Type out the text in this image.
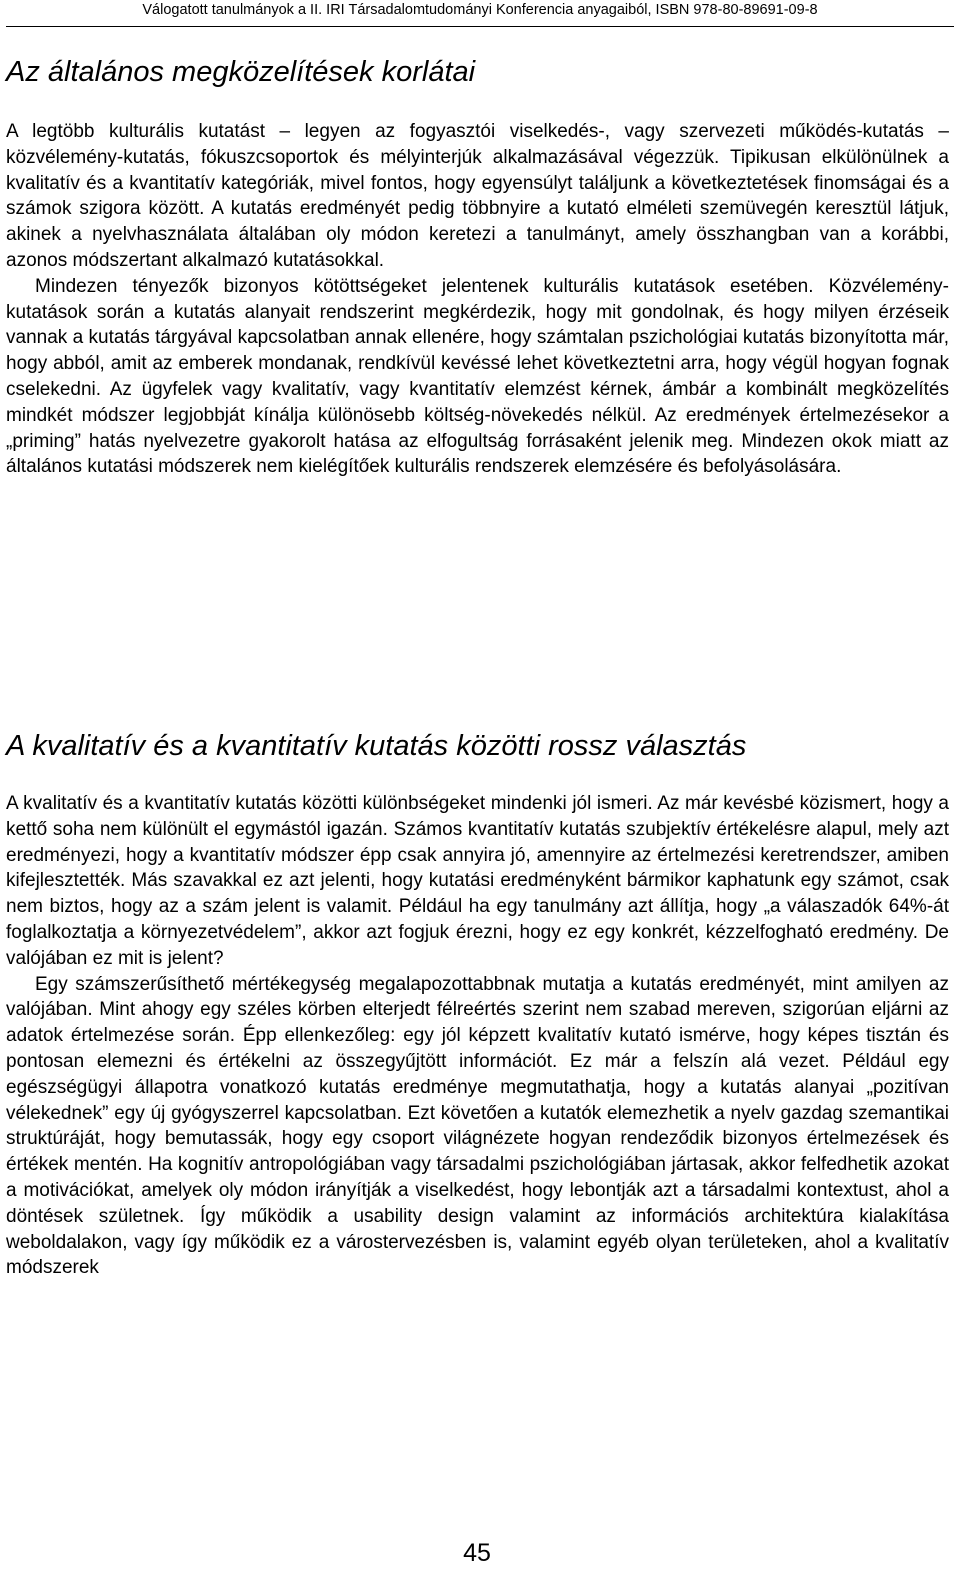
Válogatott tanulmányok a II. IRI Társadalomtudományi Konferencia anyagaiból, ISBN 978-80-89691-09-8
Az általános megközelítések korlátai

A legtöbb kulturális kutatást – legyen az fogyasztói viselkedés-, vagy szervezeti működés-kutatás – közvélemény-kutatás, fókuszcsoportok és mélyinterjúk alkalmazásával végezzük. Tipikusan elkülönülnek a kvalitatív és a kvantitatív kategóriák, mivel fontos, hogy egyensúlyt találjunk a következtetések finomságai és a számok szigora között. A kutatás eredményét pedig többnyire a kutató elméleti szemüvegén keresztül látjuk, akinek a nyelvhasználata általában oly módon keretezi a tanulmányt, amely összhangban van a korábbi, azonos módszertant alkalmazó kutatásokkal.

Mindezen tényezők bizonyos kötöttségeket jelentenek kulturális kutatások esetében. Közvélemény-kutatások során a kutatás alanyait rendszerint megkérdezik, hogy mit gondolnak, és hogy milyen érzéseik vannak a kutatás tárgyával kapcsolatban annak ellenére, hogy számtalan pszichológiai kutatás bizonyította már, hogy abból, amit az emberek mondanak, rendkívül kevéssé lehet következtetni arra, hogy végül hogyan fognak cselekedni. Az ügyfelek vagy kvalitatív, vagy kvantitatív elemzést kérnek, ámbár a kombinált megközelítés mindkét módszer legjobbját kínálja különösebb költség-növekedés nélkül. Az eredmények értelmezésekor a „priming” hatás nyelvezetre gyakorolt hatása az elfogultság forrásaként jelenik meg. Mindezen okok miatt az általános kutatási módszerek nem kielégítőek kulturális rendszerek elemzésére és befolyásolására.

A kvalitatív és a kvantitatív kutatás közötti rossz választás

A kvalitatív és a kvantitatív kutatás közötti különbségeket mindenki jól ismeri. Az már kevésbé közismert, hogy a kettő soha nem különült el egymástól igazán. Számos kvantitatív kutatás szubjektív értékelésre alapul, mely azt eredményezi, hogy a kvantitatív módszer épp csak annyira jó, amennyire az értelmezési keretrendszer, amiben kifejlesztették. Más szavakkal ez azt jelenti, hogy kutatási eredményként bármikor kaphatunk egy számot, csak nem biztos, hogy az a szám jelent is valamit. Például ha egy tanulmány azt állítja, hogy „a válaszadók 64%-át foglalkoztatja a környezetvédelem”, akkor azt fogjuk érezni, hogy ez egy konkrét, kézzelfogható eredmény. De valójában ez mit is jelent?

Egy számszerűsíthető mértékegység megalapozottabbnak mutatja a kutatás eredményét, mint amilyen az valójában. Mint ahogy egy széles körben elterjedt félreértés szerint nem szabad mereven, szigorúan eljárni az adatok értelmezése során. Épp ellenkezőleg: egy jól képzett kvalitatív kutató ismérve, hogy képes tisztán és pontosan elemezni és értékelni az összegyűjtött információt. Ez már a felszín alá vezet. Például egy egészségügyi állapotra vonatkozó kutatás eredménye megmutathatja, hogy a kutatás alanyai „pozitívan vélekednek” egy új gyógyszerrel kapcsolatban. Ezt követően a kutatók elemezhetik a nyelv gazdag szemantikai struktúráját, hogy bemutassák, hogy egy csoport világnézete hogyan rendeződik bizonyos értelmezések és értékek mentén. Ha kognitív antropológiában vagy társadalmi pszichológiában jártasak, akkor felfedhetik azokat a motivációkat, amelyek oly módon irányítják a viselkedést, hogy lebontják azt a társadalmi kontextust, ahol a döntések születnek. Így működik a usability design valamint az információs architektúra kialakítása weboldalakon, vagy így működik ez a várostervezésben is, valamint egyéb olyan területeken, ahol a kvalitatív módszerek

45
